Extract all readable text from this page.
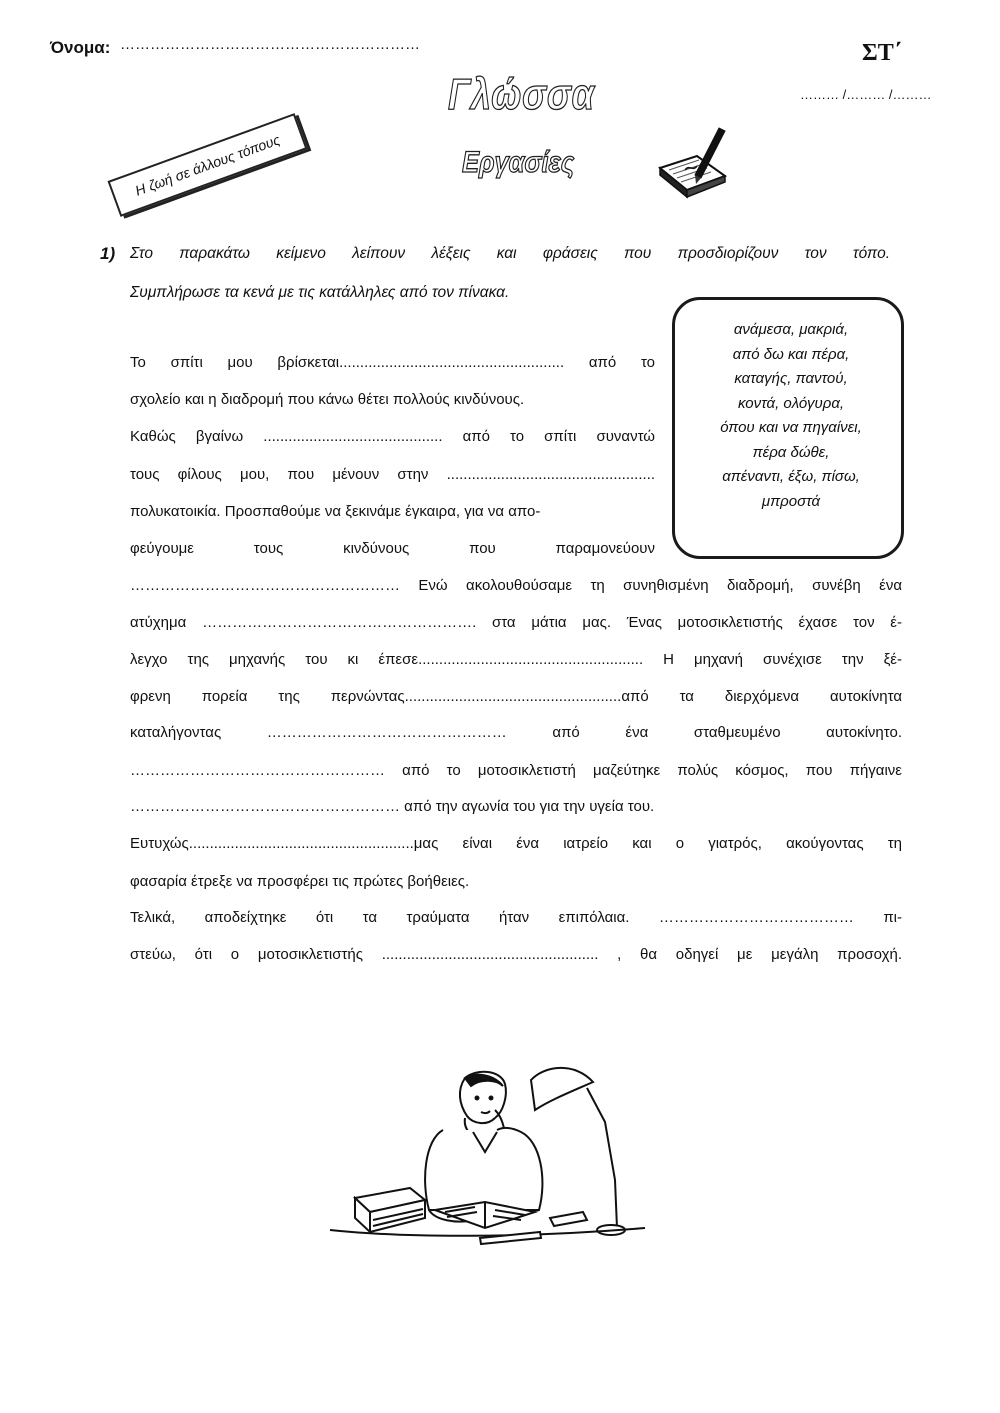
Όνομα: ……………………………………………………	ΣΤ΄
……… /……… /………
Γλώσσα
Εργασίες
Η ζωή σε άλλους τόπους
1) Στο παρακάτω κείμενο λείπουν λέξεις και φράσεις που προσδιορίζουν τον τόπο.
Συμπλήρωσε τα κενά με τις κατάλληλες από τον πίνακα.
ανάμεσα, μακριά,
από δω και πέρα,
καταγής, παντού,
κοντά, ολόγυρα,
όπου και να πηγαίνει,
πέρα δώθε,
απέναντι, έξω, πίσω,
μπροστά
Το σπίτι μου βρίσκεται...................................................... από το
σχολείο και η διαδρομή που κάνω θέτει πολλούς κινδύνους.
Καθώς βγαίνω ........................................... από το σπίτι συναντώ
τους φίλους μου, που μένουν στην ..................................................
πολυκατοικία. Προσπαθούμε να ξεκινάμε έγκαιρα, για να απο-
φεύγουμε τους κινδύνους που παραμονεύουν
……………………………………………… Ενώ ακολουθούσαμε τη συνηθισμένη διαδρομή, συνέβη ένα
ατύχημα ………………………………………………. στα μάτια μας. Ένας μοτοσικλετιστής έχασε τον έ-
λεγχο της μηχανής του κι έπεσε...................................................... Η μηχανή συνέχισε την ξέ-
φρενη πορεία της περνώντας....................................................από τα διερχόμενα αυτοκίνητα
καταλήγοντας ………………………………………… από ένα σταθμευμένο αυτοκίνητο.
…………………………………………… από το μοτοσικλετιστή μαζεύτηκε πολύς κόσμος, που πήγαινε
……………………………………………… από την αγωνία του για την υγεία του.
Ευτυχώς......................................................μας είναι ένα ιατρείο και ο γιατρός, ακούγοντας τη
φασαρία έτρεξε να προσφέρει τις πρώτες βοήθειες.
Τελικά, αποδείχτηκε ότι τα τραύματα ήταν επιπόλαια. ………………………………… πι-
στεύω, ότι ο μοτοσικλετιστής .................................................... , θα οδηγεί με μεγάλη προσοχή.
